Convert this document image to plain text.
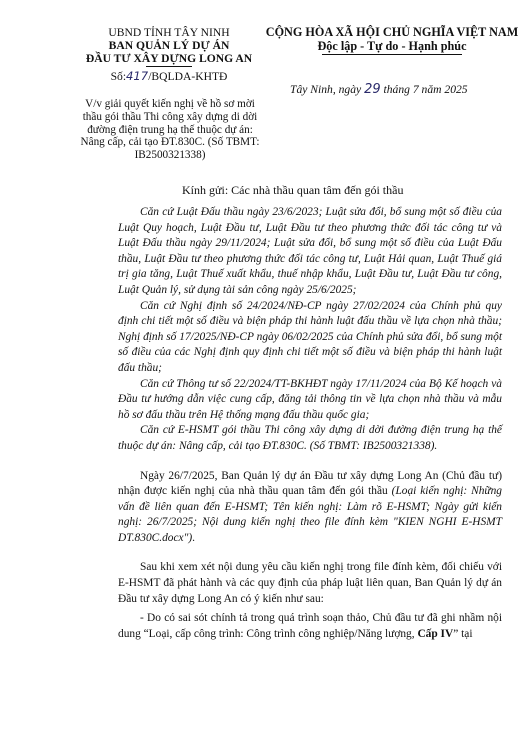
UBND TỈNH TÂY NINH
BAN QUẢN LÝ DỰ ÁN
ĐẦU TƯ XÂY DỰNG LONG AN
Số:417/BQLDA-KHTĐ
CỘNG HÒA XÃ HỘI CHỦ NGHĨA VIỆT NAM
Độc lập - Tự do - Hạnh phúc
Tây Ninh, ngày 29 tháng 7 năm 2025
V/v giải quyết kiến nghị về hồ sơ mời thầu gói thầu Thi công xây dựng di dời đường điện trung hạ thế thuộc dự án: Nâng cấp, cải tạo ĐT.830C. (Số TBMT: IB2500321338)
Kính gửi: Các nhà thầu quan tâm đến gói thầu

Căn cứ Luật Đấu thầu ngày 23/6/2023; Luật sửa đổi, bổ sung một số điều của Luật Quy hoạch, Luật Đầu tư, Luật Đầu tư theo phương thức đối tác công tư và Luật Đấu thầu ngày 29/11/2024; Luật sửa đổi, bổ sung một số điều của Luật Đấu thầu, Luật Đầu tư theo phương thức đối tác công tư, Luật Hải quan, Luật Thuế giá trị gia tăng, Luật Thuế xuất khẩu, thuế nhập khẩu, Luật Đầu tư, Luật Đầu tư công, Luật Quản lý, sử dụng tài sản công ngày 25/6/2025;

Căn cứ Nghị định số 24/2024/NĐ-CP ngày 27/02/2024 của Chính phủ quy định chi tiết một số điều và biện pháp thi hành luật đấu thầu về lựa chọn nhà thầu; Nghị định số 17/2025/NĐ-CP ngày 06/02/2025 của Chính phủ sửa đổi, bổ sung một số điều của các Nghị định quy định chi tiết một số điều và biện pháp thi hành luật đấu thầu;

Căn cứ Thông tư số 22/2024/TT-BKHĐT ngày 17/11/2024 của Bộ Kế hoạch và Đầu tư hướng dẫn việc cung cấp, đăng tải thông tin về lựa chọn nhà thầu và mẫu hồ sơ đấu thầu trên Hệ thống mạng đấu thầu quốc gia;

Căn cứ E-HSMT gói thầu Thi công xây dựng di dời đường điện trung hạ thế thuộc dự án: Nâng cấp, cải tạo ĐT.830C. (Số TBMT: IB2500321338).

Ngày 26/7/2025, Ban Quản lý dự án Đầu tư xây dựng Long An (Chủ đầu tư) nhận được kiến nghị của nhà thầu quan tâm đến gói thầu (Loại kiến nghị: Những vấn đề liên quan đến E-HSMT; Tên kiến nghị: Làm rõ E-HSMT; Ngày gửi kiến nghị: 26/7/2025; Nội dung kiến nghị theo file đính kèm "KIEN NGHI E-HSMT DT.830C.docx").

Sau khi xem xét nội dung yêu cầu kiến nghị trong file đính kèm, đối chiếu với E-HSMT đã phát hành và các quy định của pháp luật liên quan, Ban Quản lý dự án Đầu tư xây dựng Long An có ý kiến như sau:

- Do có sai sót chính tả trong quá trình soạn thảo, Chủ đầu tư đã ghi nhầm nội dung “Loại, cấp công trình: Công trình công nghiệp/Năng lượng, Cấp IV” tại
